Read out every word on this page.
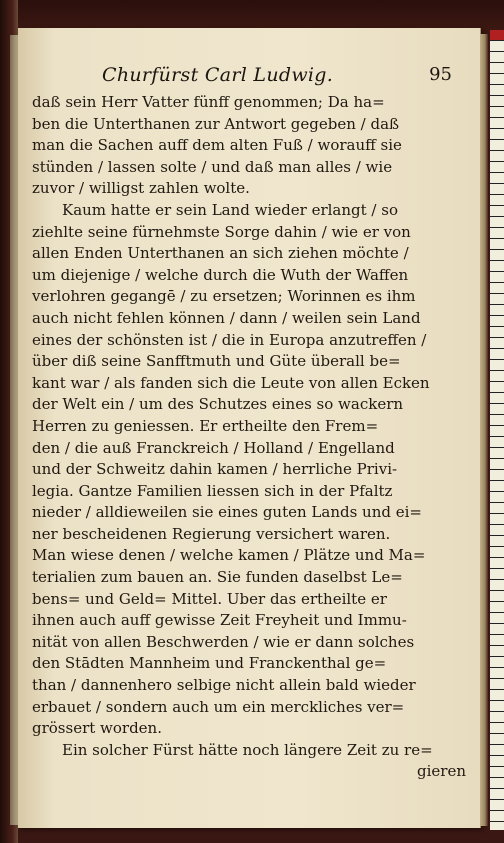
Churfürst Carl Ludwig.	95
daß sein Herr Vatter fünff genommen; Da ha=
ben die Unterthanen zur Antwort gegeben / daß
man die Sachen auff dem alten Fuß / worauff sie
stünden / lassen solte / und daß man alles / wie
zuvor / willigst zahlen wolte.
Kaum hatte er sein Land wieder erlangt / so
ziehlte seine fürnehmste Sorge dahin / wie er von
allen Enden Unterthanen an sich ziehen möchte /
um diejenige / welche durch die Wuth der Waffen
verlohren gegangē / zu ersetzen; Worinnen es ihm
auch nicht fehlen können / dann / weilen sein Land
eines der schönsten ist / die in Europa anzutreffen /
über diß seine Sanfftmuth und Güte überall be=
kant war / als fanden sich die Leute von allen Ecken
der Welt ein / um des Schutzes eines so wackern
Herren zu geniessen. Er ertheilte den Frem=
den / die auß Franckreich / Holland / Engelland
und der Schweitz dahin kamen / herrliche Privi-
legia. Gantze Familien liessen sich in der Pfaltz
nieder / alldieweilen sie eines guten Lands und ei=
ner bescheidenen Regierung versichert waren.
Man wiese denen / welche kamen / Plätze und Ma=
terialien zum bauen an. Sie funden daselbst Le=
bens= und Geld= Mittel. Uber das ertheilte er
ihnen auch auff gewisse Zeit Freyheit und Immu-
nität von allen Beschwerden / wie er dann solches
den Stādten Mannheim und Franckenthal ge=
than / dannenhero selbige nicht allein bald wieder
erbauet / sondern auch um ein merckliches ver=
grössert worden.
Ein solcher Fürst hätte noch längere Zeit zu re=
gieren
